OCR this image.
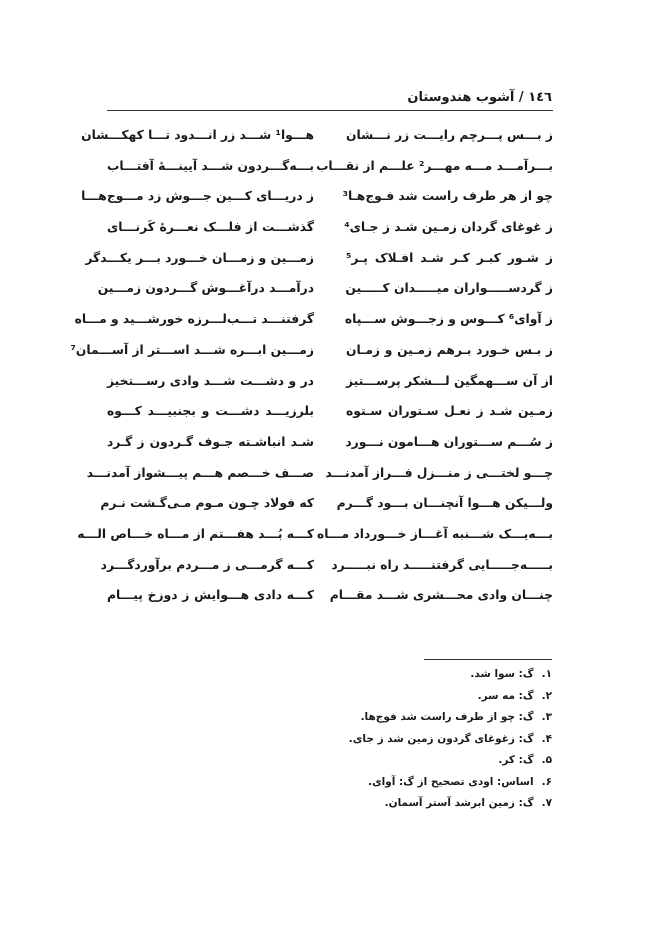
١٤٦ / آشوب هندوستان
ز بـــس پـــرچم رایـــت زر نـــشان
هـــوا¹ شـــد زر انـــدود تـــا کهکـــشان
بـــرآمـــد مـــه مهـــر² علـــم از نقـــاب
بـــه‌گـــردون شـــد آیینـــهٔ آفتـــاب
چو از هر طرف راست شد فـوج‌هـا³
ز دریـــای کـــین جـــوش زد مـــوج‌هـــا
ز غوغای گردان زمـین شـد ز جـای⁴
گذشـــت از فلـــک نعـــرهٔ کَرنـــای
ز شـور کبـر کـر شـد افـلاک پـر⁵
زمـــین و زمـــان خـــورد بـــر یکـــدگر
ز گردســـــواران میـــــدان کـــــین
درآمـــد درآغـــوش گـــردون زمـــین
ز آوای⁶ کـــوس و زجـــوش ســـپاه
گرفتنـــد تـــب‌لـــرزه خورشـــید و مـــاه
ز بـس خـورد بـرهم زمـین و زمـان
زمـــین ابـــره شـــد اســـتر از آســـمان⁷
از آن ســـهمگین لـــشکر پرســـتیز
در و دشـــت شـــد وادی رســـتخیز
زمـین شـد ز نعـل سـتوران سـتوه
بلرزیـــد دشـــت و بجنبیـــد کـــوه
ز سُـــم ســـتوران هـــامون نـــورد
شـد انباشـته جـوف گـردون ز گـرد
چـــو لختـــی ز منـــزل فـــراز آمدنـــد
صـــف خـــصم هـــم پیـــشواز آمدنـــد
ولـــیکن هـــوا آنچنـــان بـــود گـــرم
که فولاد چـون مـوم مـی‌گـشت نـرم
بـــه‌یـــک شـــنبه آغـــاز خـــورداد مـــاه
کـــه بُـــد هفـــتم از مـــاه خـــاص الـــه
بـــــه‌جـــــایی گرفتنـــــد راه نبـــــرد
کـــه گرمـــی ز مـــردم برآوردگـــرد
چنـــان وادی محـــشری شـــد مقـــام
کـــه دادی هـــوایش ز دوزخ پیـــام
۱.گ: سوا شد.
۲.گ: مه سر.
۳.گ: چو از طرف راست شد فوج‌ها.
۴.گ: زغوغای گردون زمین شد ز جای.
۵.گ: کر.
۶.اساس: اودی تصحیح از گ: آوای.
۷.گ: زمین ابرشد آستر آسمان.
